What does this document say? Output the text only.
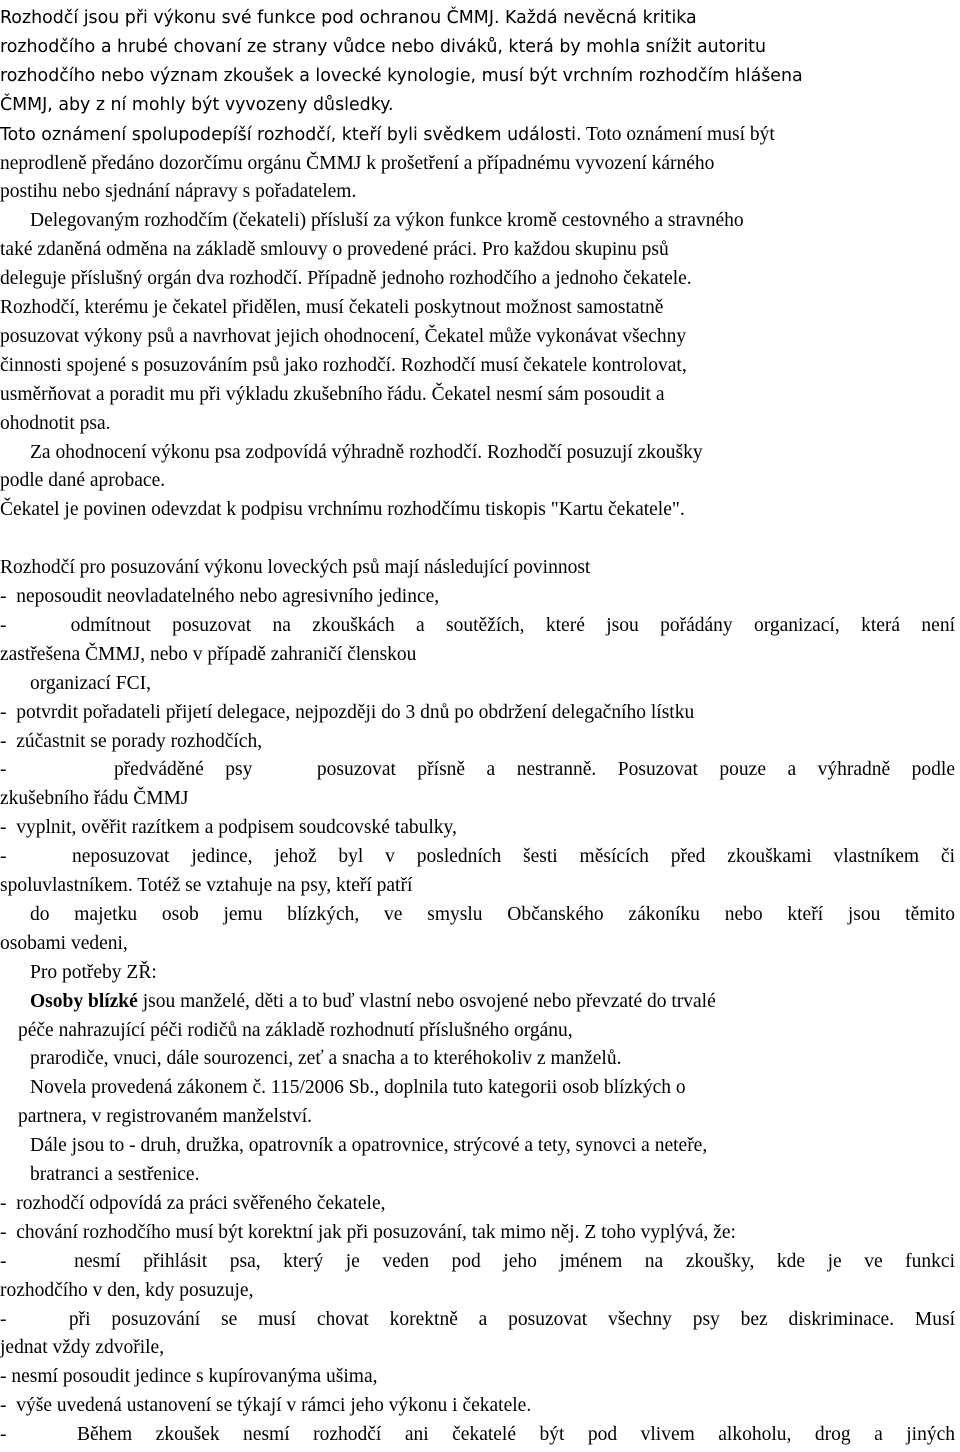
Rozhodčí jsou při výkonu své funkce pod ochranou ČMMJ. Každá nevěcná kritika
rozhodčího a hrubé chovaní ze strany vůdce nebo diváků, která by mohla snížit autoritu
rozhodčího nebo význam zkoušek a lovecké kynologie, musí být vrchním rozhodčím hlášena
ČMMJ, aby z ní mohly být vyvozeny důsledky.
Toto oznámení spolupodepíší rozhodčí, kteří byli svědkem události. Toto oznámení musí být
neprodleně předáno dozorčímu orgánu ČMMJ k prošetření a případnému vyvození kárného
postihu nebo sjednání nápravy s pořadatelem.
Delegovaným rozhodčím (čekateli) přísluší za výkon funkce kromě cestovného a stravného
také zdaněná odměna na základě smlouvy o provedené práci. Pro každou skupinu psů
deleguje příslušný orgán dva rozhodčí. Případně jednoho rozhodčího a jednoho čekatele.
Rozhodčí, kterému je čekatel přidělen, musí čekateli poskytnout možnost samostatně
posuzovat výkony psů a navrhovat jejich ohodnocení, Čekatel může vykonávat všechny
činnosti spojené s posuzováním psů jako rozhodčí. Rozhodčí musí čekatele kontrolovat,
usměrňovat a poradit mu při výkladu zkušebního řádu. Čekatel nesmí sám posoudit a
ohodnotit psa.
Za ohodnocení výkonu psa zodpovídá výhradně rozhodčí. Rozhodčí posuzují zkoušky
podle dané aprobace.
Čekatel je povinen odevzdat k podpisu vrchnímu rozhodčímu tiskopis "Kartu čekatele".
Rozhodčí pro posuzování výkonu loveckých psů mají následující povinnost
-  neposoudit neovladatelného nebo agresivního jedince,
-   odmítnout posuzovat na zkouškách a soutěžích, které jsou pořádány organizací, která není
zastřešena ČMMJ, nebo v případě zahraničí členskou
organizací FCI,
-  potvrdit pořadateli přijetí delegace, nejpozději do 3 dnů po obdržení delegačního lístku
-  zúčastnit se porady rozhodčích,
-     předváděné psy   posuzovat přísně a nestranně. Posuzovat pouze a výhradně podle
zkušebního řádu ČMMJ
-  vyplnit, ověřit razítkem a podpisem soudcovské tabulky,
-   neposuzovat jedince, jehož byl v posledních šesti měsících před zkouškami vlastníkem či
spoluvlastníkem. Totéž se vztahuje na psy, kteří patří
do majetku osob jemu blízkých, ve smyslu Občanského zákoníku nebo kteří jsou těmito
osobami vedeni,
Pro potřeby ZŘ:
Osoby blízké jsou manželé, děti a to buď vlastní nebo osvojené nebo převzaté do trvalé
péče nahrazující péči rodičů na základě rozhodnutí příslušného orgánu,
prarodiče, vnuci, dále sourozenci, zeť a snacha a to kteréhokoliv z manželů.
Novela provedená zákonem č. 115/2006 Sb., doplnila tuto kategorii osob blízkých o
partnera, v registrovaném manželství.
Dále jsou to - druh, družka, opatrovník a opatrovnice, strýcové a tety, synovci a neteře,
bratranci a sestřenice.
-  rozhodčí odpovídá za práci svěřeného čekatele,
-  chování rozhodčího musí být korektní jak při posuzování, tak mimo něj. Z toho vyplývá, že:
-   nesmí přihlásit psa, který je veden pod jeho jménem na zkoušky, kde je ve funkci
rozhodčího v den, kdy posuzuje,
-   při posuzování se musí chovat korektně a posuzovat všechny psy bez diskriminace. Musí
jednat vždy zdvořile,
- nesmí posoudit jedince s kupírovanýma ušima,
-  výše uvedená ustanovení se týkají v rámci jeho výkonu i čekatele.
-   Během zkoušek nesmí rozhodčí ani čekatelé být pod vlivem alkoholu, drog a jiných
